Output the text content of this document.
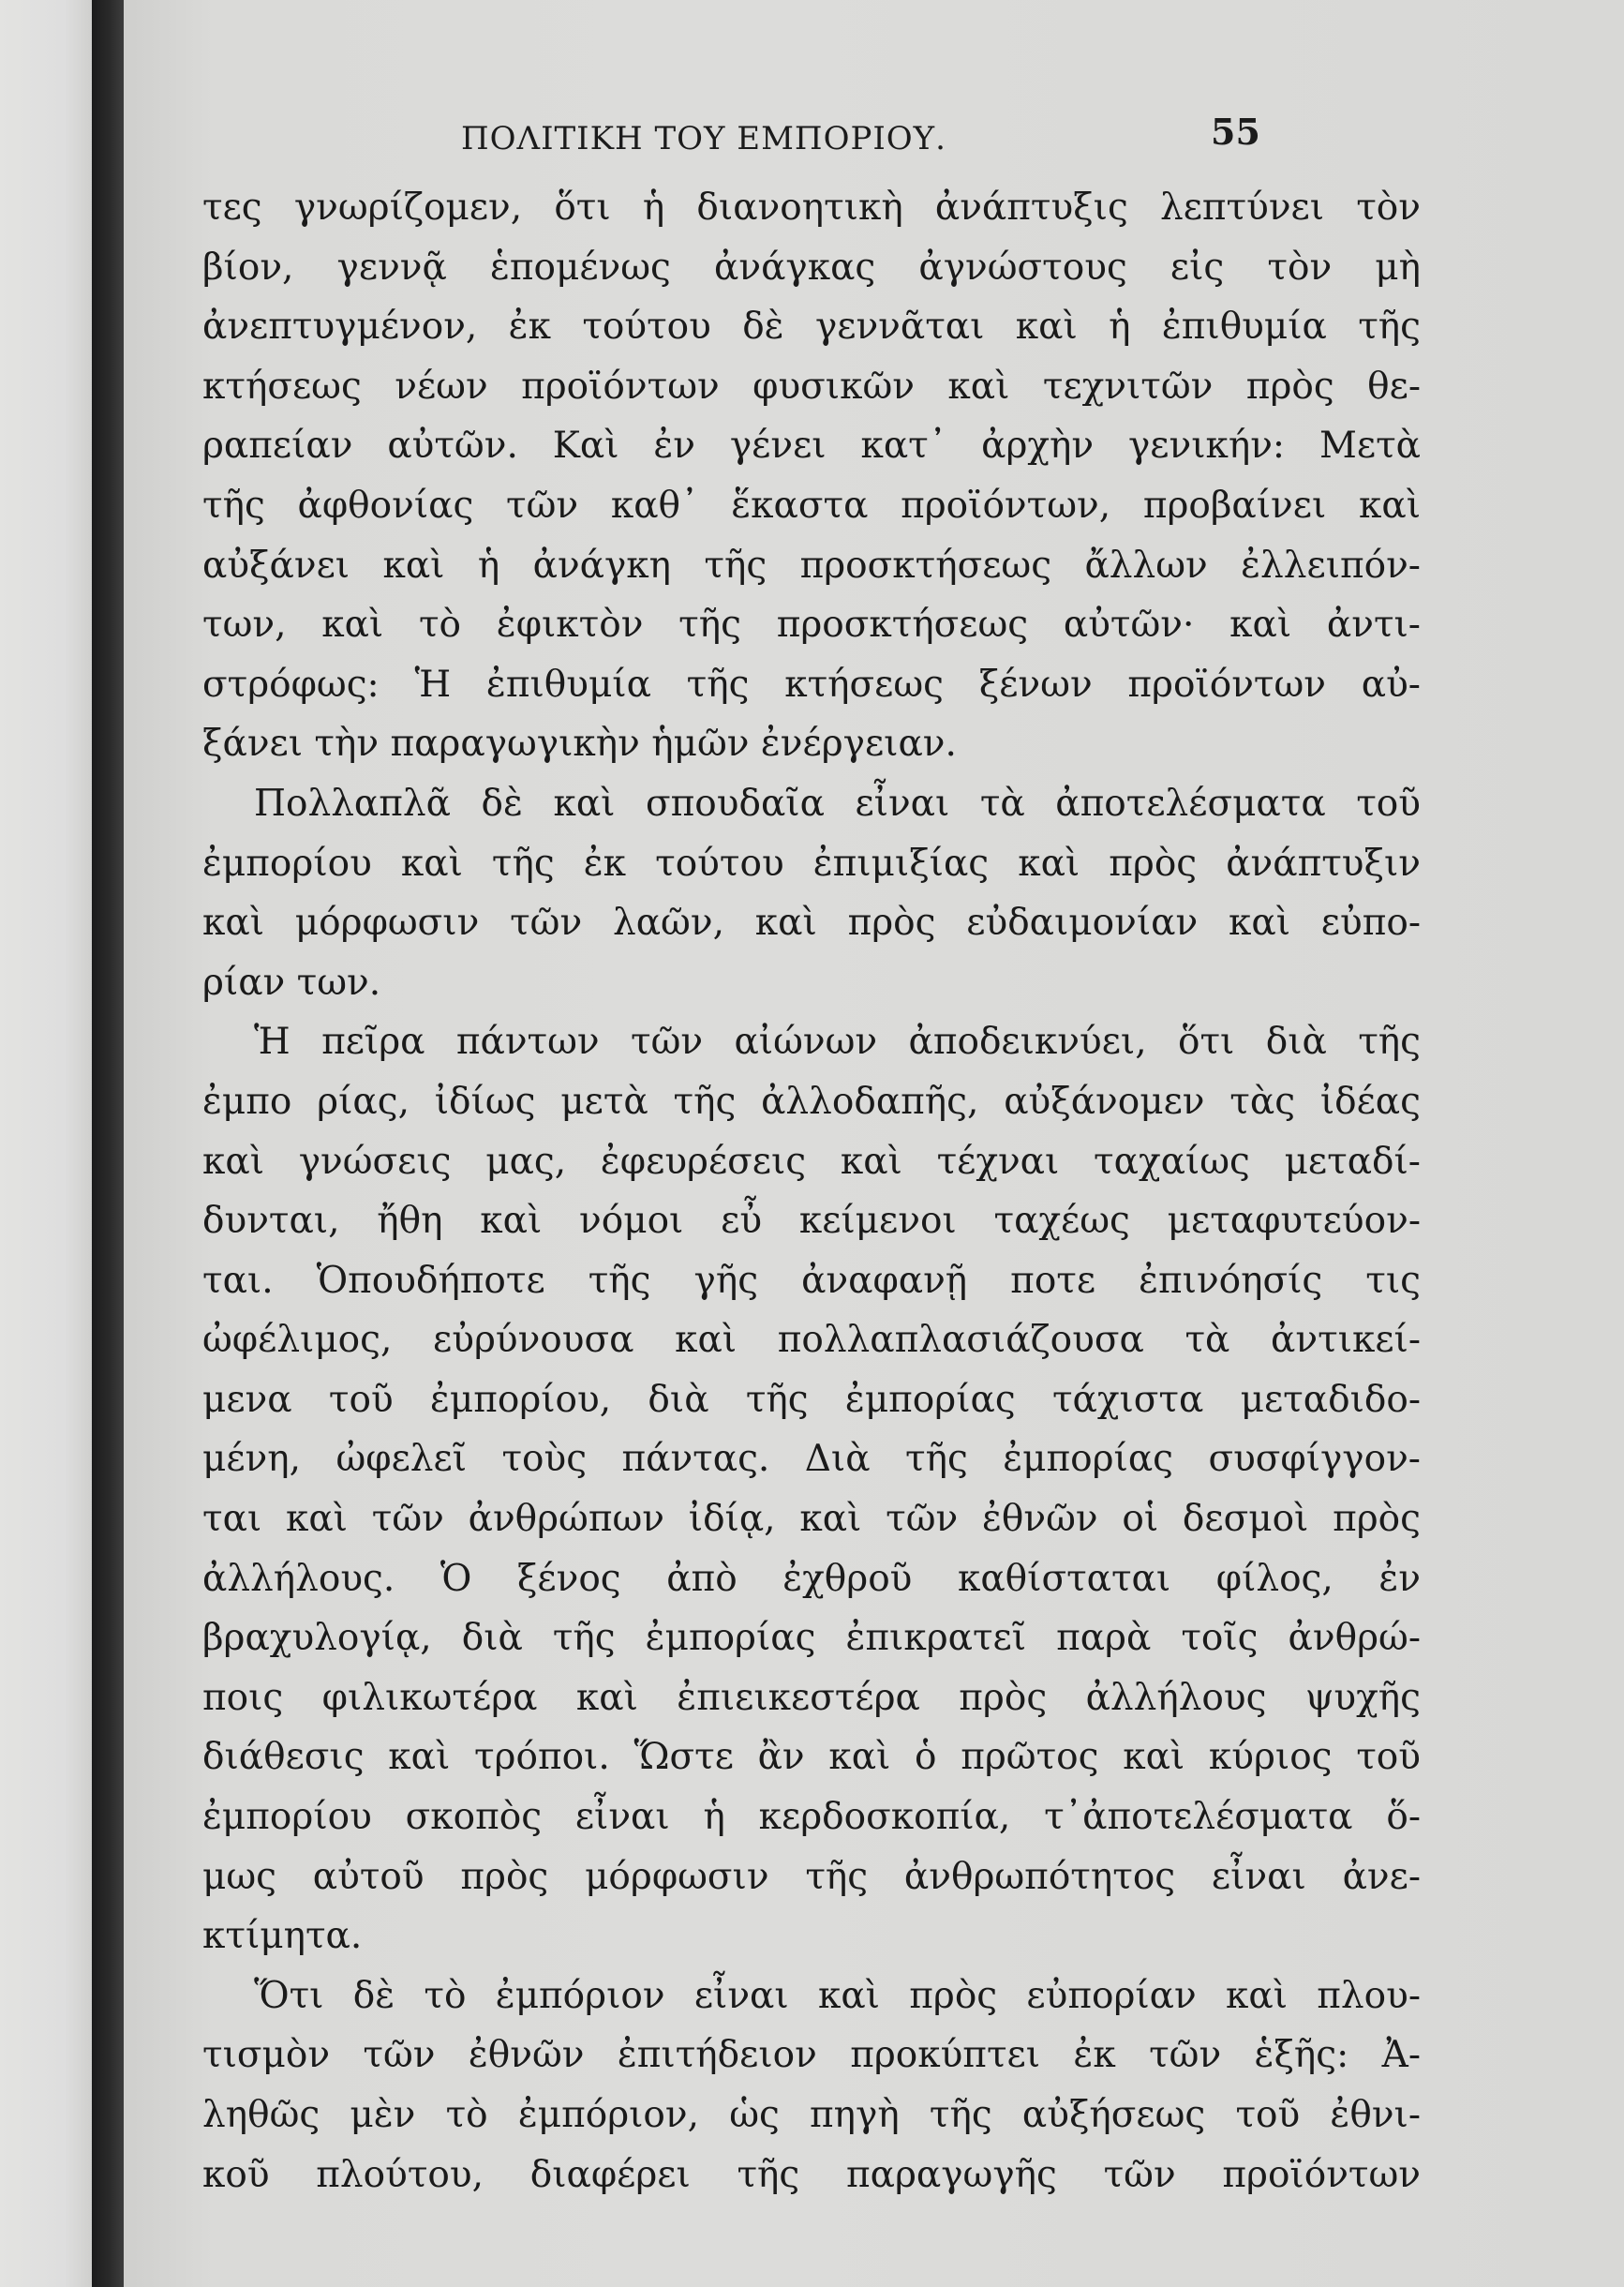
ΠΟΛΙΤΙΚΗ ΤΟΥ ΕΜΠΟΡΙΟΥ.	55
τες γνωρίζομεν, ὅτι ἡ διανοητικὴ ἀνάπτυξις λεπτύνει τὸν
βίον, γεννᾷ ἑπομένως ἀνάγκας ἀγνώστους εἰς τὸν μὴ
ἀνεπτυγμένον, ἐκ τούτου δὲ γεννᾶται καὶ ἡ ἐπιθυμία τῆς
κτήσεως νέων προϊόντων φυσικῶν καὶ τεχνιτῶν πρὸς θε-
ραπείαν αὐτῶν. Καὶ ἐν γένει κατ᾽ ἀρχὴν γενικήν: Μετὰ
τῆς ἀφθονίας τῶν καθ᾽ ἕκαστα προϊόντων, προβαίνει καὶ
αὐξάνει καὶ ἡ ἀνάγκη τῆς προσκτήσεως ἄλλων ἐλλειπόν-
των, καὶ τὸ ἐφικτὸν τῆς προσκτήσεως αὐτῶν· καὶ ἀντι-
στρόφως: Ἡ ἐπιθυμία τῆς κτήσεως ξένων προϊόντων αὐ-
ξάνει τὴν παραγωγικὴν ἡμῶν ἐνέργειαν.
Πολλαπλᾶ δὲ καὶ σπουδαῖα εἶναι τὰ ἀποτελέσματα τοῦ
ἐμπορίου καὶ τῆς ἐκ τούτου ἐπιμιξίας καὶ πρὸς ἀνάπτυξιν
καὶ μόρφωσιν τῶν λαῶν, καὶ πρὸς εὐδαιμονίαν καὶ εὐπο-
ρίαν των.
Ἡ πεῖρα πάντων τῶν αἰώνων ἀποδεικνύει, ὅτι διὰ τῆς
ἐμπο ρίας, ἰδίως μετὰ τῆς ἀλλοδαπῆς, αὐξάνομεν τὰς ἰδέας
καὶ γνώσεις μας, ἐφευρέσεις καὶ τέχναι ταχαίως μεταδί-
δυνται, ἤθη καὶ νόμοι εὖ κείμενοι ταχέως μεταφυτεύον-
ται. Ὁπουδήποτε τῆς γῆς ἀναφανῇ ποτε ἐπινόησίς τις
ὠφέλιμος, εὐρύνουσα καὶ πολλαπλασιάζουσα τὰ ἀντικεί-
μενα τοῦ ἐμπορίου, διὰ τῆς ἐμπορίας τάχιστα μεταδιδο-
μένη, ὠφελεῖ τοὺς πάντας. Διὰ τῆς ἐμπορίας συσφίγγον-
ται καὶ τῶν ἀνθρώπων ἰδίᾳ, καὶ τῶν ἐθνῶν οἱ δεσμοὶ πρὸς
ἀλλήλους. Ὁ ξένος ἀπὸ ἐχθροῦ καθίσταται φίλος, ἐν
βραχυλογίᾳ, διὰ τῆς ἐμπορίας ἐπικρατεῖ παρὰ τοῖς ἀνθρώ-
ποις φιλικωτέρα καὶ ἐπιεικεστέρα πρὸς ἀλλήλους ψυχῆς
διάθεσις καὶ τρόποι. Ὥστε ἂν καὶ ὁ πρῶτος καὶ κύριος τοῦ
ἐμπορίου σκοπὸς εἶναι ἡ κερδοσκοπία, τ᾽ἀποτελέσματα ὅ-
μως αὐτοῦ πρὸς μόρφωσιν τῆς ἀνθρωπότητος εἶναι ἀνε-
κτίμητα.
Ὅτι δὲ τὸ ἐμπόριον εἶναι καὶ πρὸς εὐπορίαν καὶ πλου-
τισμὸν τῶν ἐθνῶν ἐπιτήδειον προκύπτει ἐκ τῶν ἑξῆς: Ἀ-
ληθῶς μὲν τὸ ἐμπόριον, ὡς πηγὴ τῆς αὐξήσεως τοῦ ἐθνι-
κοῦ πλούτου, διαφέρει τῆς παραγωγῆς τῶν προϊόντων
